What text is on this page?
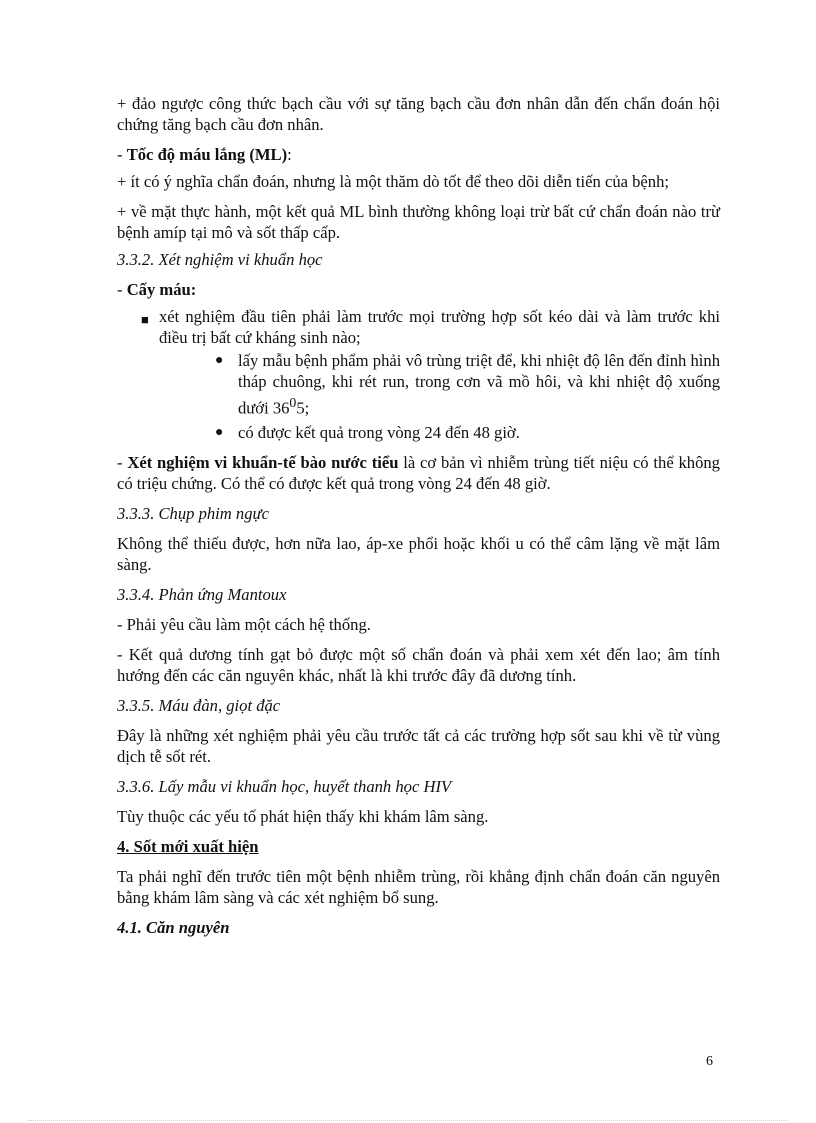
+ đảo ngược công thức bạch cầu với sự tăng bạch cầu đơn nhân dẫn đến chẩn đoán hội chứng tăng bạch cầu đơn nhân.

- Tốc độ máu lắng (ML):

+ ít có ý nghĩa chẩn đoán, nhưng là một thăm dò tốt để theo dõi diễn tiến của bệnh;

+ về mặt thực hành, một kết quả ML bình thường không loại trừ bất cứ chẩn đoán nào trừ bệnh amíp tại mô và sốt thấp cấp.

3.3.2. Xét nghiệm vi khuẩn học

- Cấy máu:

■ xét nghiệm đầu tiên phải làm trước mọi trường hợp sốt kéo dài và làm trước khi điều trị bất cứ kháng sinh nào;
● lấy mẫu bệnh phẩm phải vô trùng triệt để, khi nhiệt độ lên đến đỉnh hình tháp chuông, khi rét run, trong cơn vã mồ hôi, và khi nhiệt độ xuống dưới $36^05$;
● có được kết quả trong vòng 24 đến 48 giờ.

- Xét nghiệm vi khuẩn-tế bào nước tiểu là cơ bản vì nhiễm trùng tiết niệu có thể không có triệu chứng. Có thể có được kết quả trong vòng 24 đến 48 giờ.

3.3.3. Chụp phim ngực

Không thể thiếu được, hơn nữa lao, áp-xe phổi hoặc khối u có thể câm lặng về mặt lâm sàng.

3.3.4. Phản ứng Mantoux

- Phải yêu cầu làm một cách hệ thống.

- Kết quả dương tính gạt bỏ được một số chẩn đoán và phải xem xét đến lao; âm tính hướng đến các căn nguyên khác, nhất là khi trước đây đã dương tính.

3.3.5. Máu đàn, giọt đặc

Đây là những xét nghiệm phải yêu cầu trước tất cả các trường hợp sốt sau khi về từ vùng dịch tễ sốt rét.

3.3.6. Lấy mẫu vi khuẩn học, huyết thanh học HIV

Tùy thuộc các yếu tố phát hiện thấy khi khám lâm sàng.

4. Sốt mới xuất hiện

Ta phải nghĩ đến trước tiên một bệnh nhiễm trùng, rồi khẳng định chẩn đoán căn nguyên bằng khám lâm sàng và các xét nghiệm bổ sung.

4.1. Căn nguyên

6
